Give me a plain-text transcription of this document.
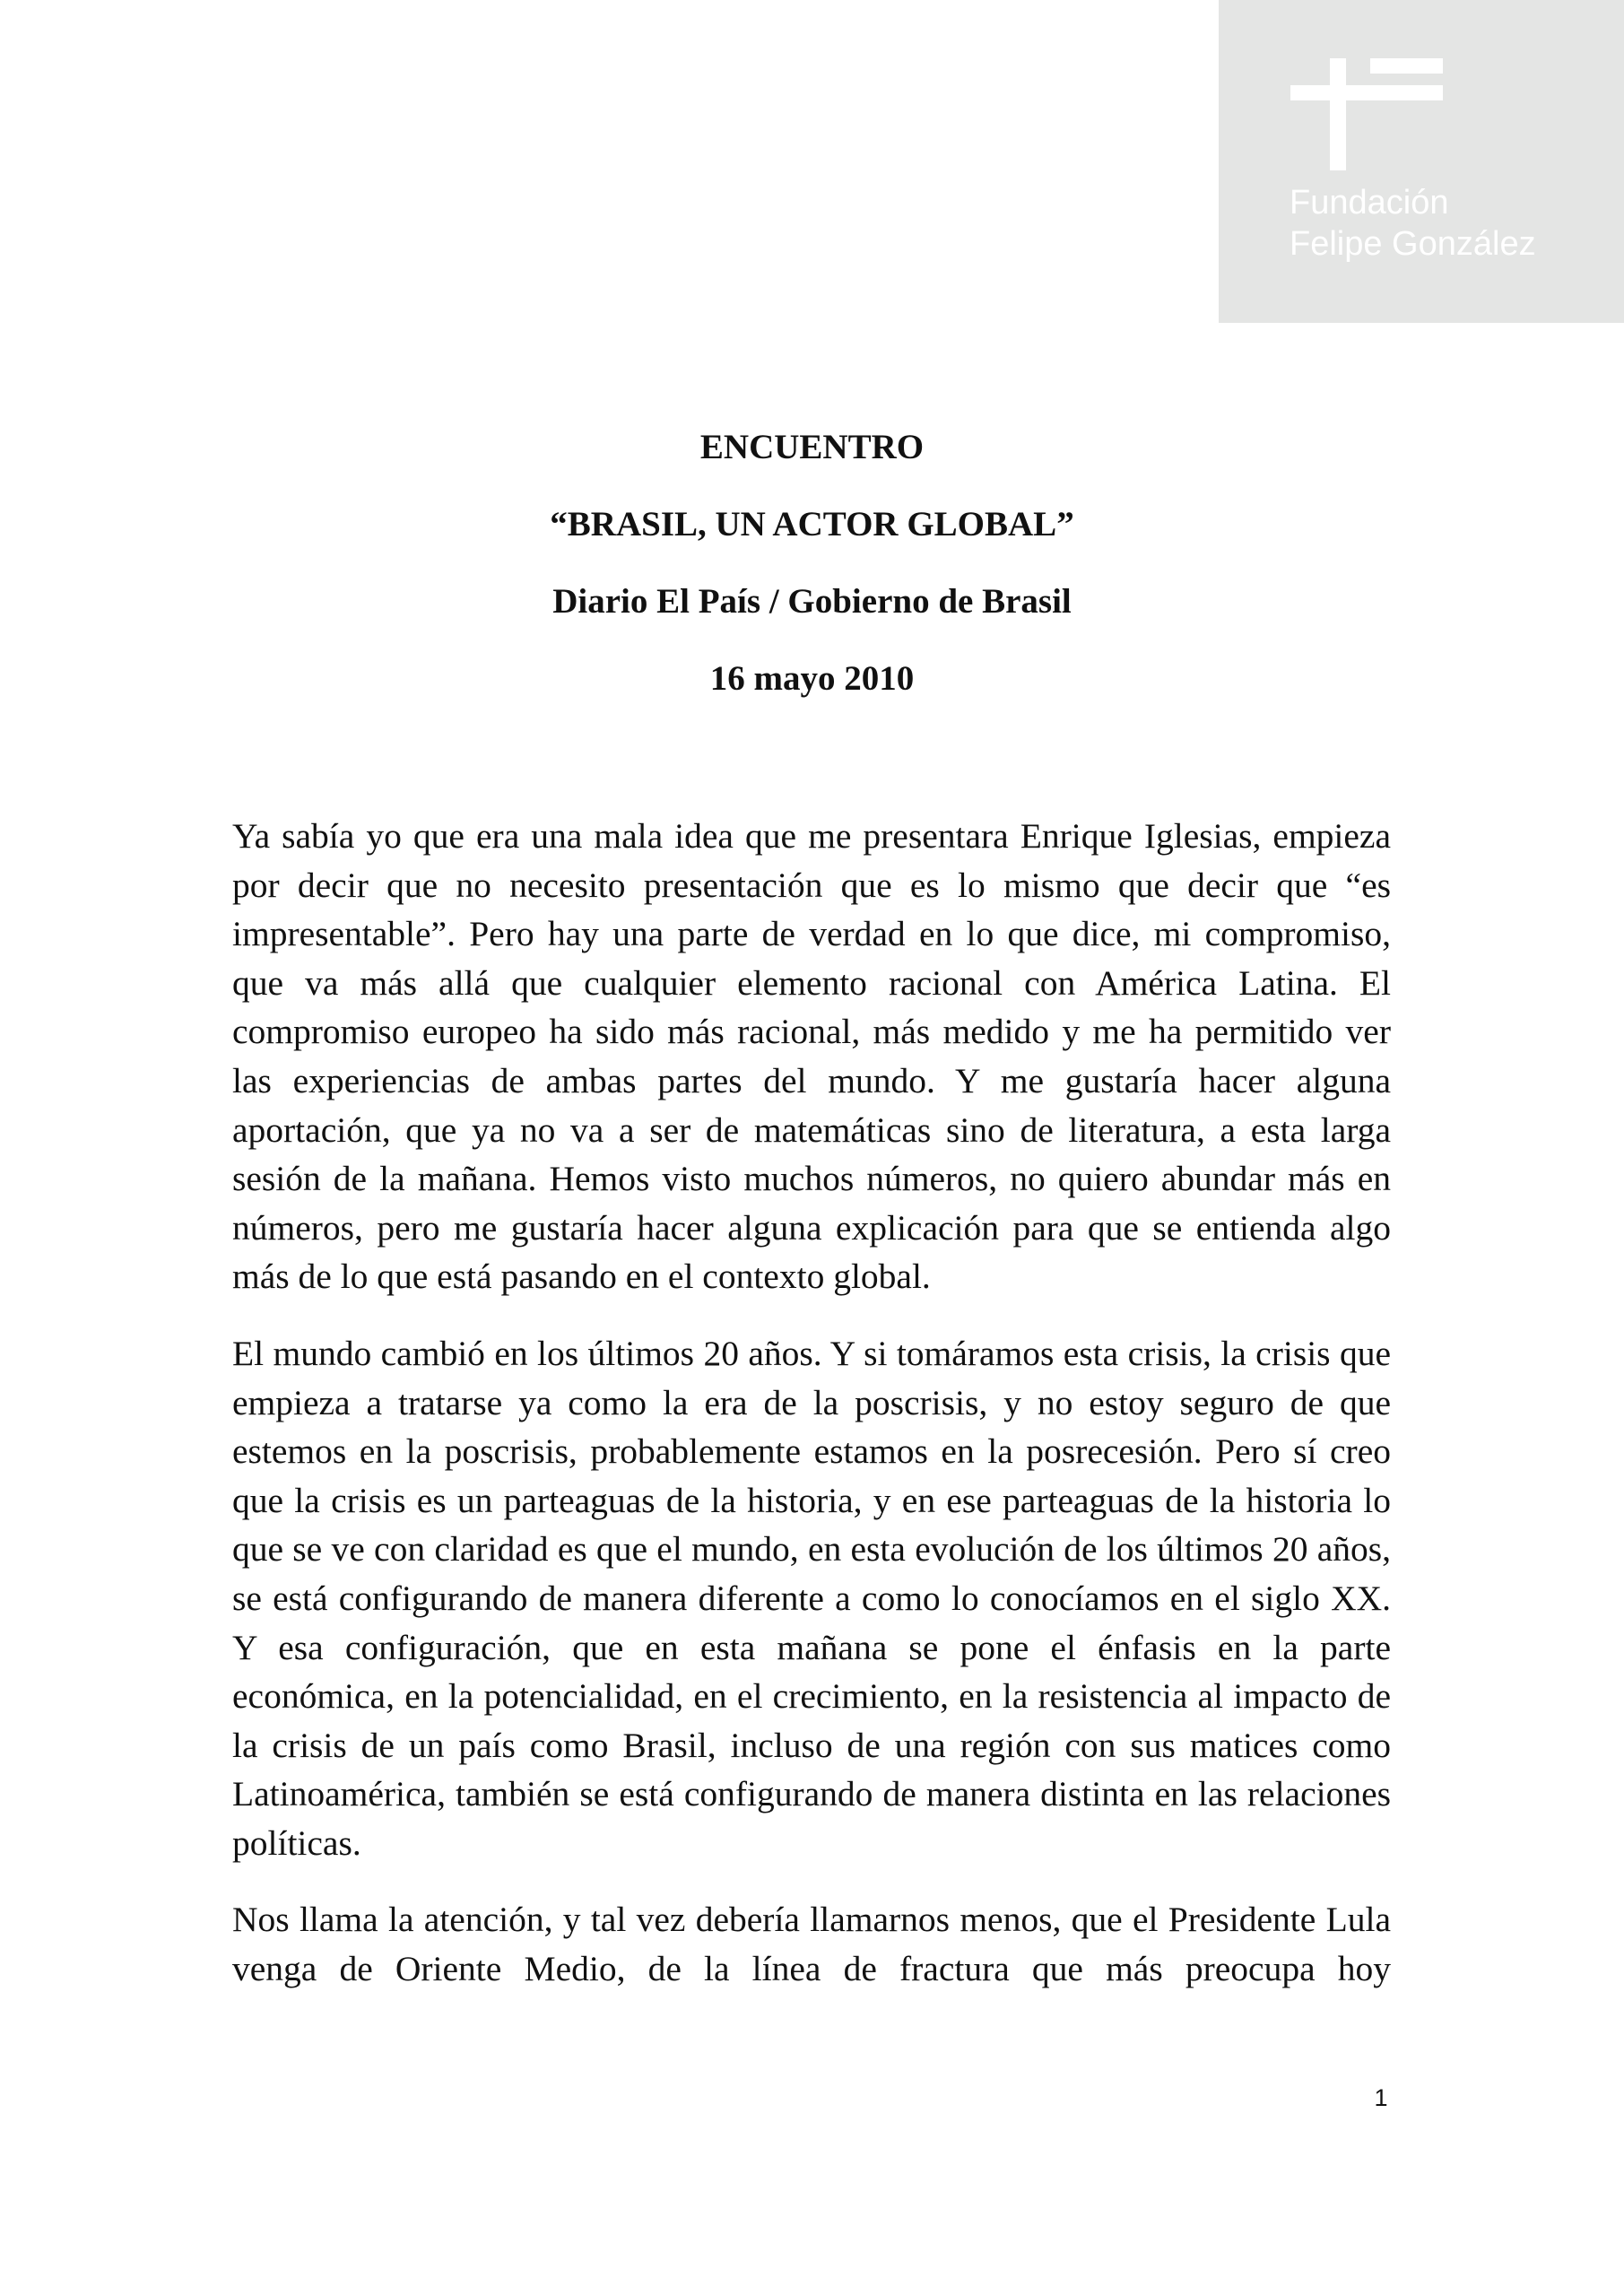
Fundación
Felipe González
ENCUENTRO
“BRASIL, UN ACTOR GLOBAL”
Diario El País / Gobierno de Brasil
16 mayo 2010

Ya sabía yo que era una mala idea que me presentara Enrique Iglesias, empieza por decir que no necesito presentación que es lo mismo que decir que “es impresentable”. Pero hay una parte de verdad en lo que dice, mi compromiso, que va más allá que cualquier elemento racional con América Latina. El compromiso europeo ha sido más racional, más medido y me ha permitido ver las experiencias de ambas partes del mundo. Y me gustaría hacer alguna aportación, que ya no va a ser de matemáticas sino de literatura, a esta larga sesión de la mañana. Hemos visto muchos números, no quiero abundar más en números, pero me gustaría hacer alguna explicación para que se entienda algo más de lo que está pasando en el contexto global.

El mundo cambió en los últimos 20 años. Y si tomáramos esta crisis, la crisis que empieza a tratarse ya como la era de la poscrisis, y no estoy seguro de que estemos en la poscrisis, probablemente estamos en la posrecesión. Pero sí creo que la crisis es un parteaguas de la historia, y en ese parteaguas de la historia lo que se ve con claridad es que el mundo, en esta evolución de los últimos 20 años, se está configurando de manera diferente a como lo conocíamos en el siglo XX. Y esa configuración, que en esta mañana se pone el énfasis en la parte económica, en la potencialidad, en el crecimiento, en la resistencia al impacto de la crisis de un país como Brasil, incluso de una región con sus matices como Latinoamérica, también se está configurando de manera distinta en las relaciones políticas.

Nos llama la atención, y tal vez debería llamarnos menos, que el Presidente Lula venga de Oriente Medio, de la línea de fractura que más preocupa hoy

1
